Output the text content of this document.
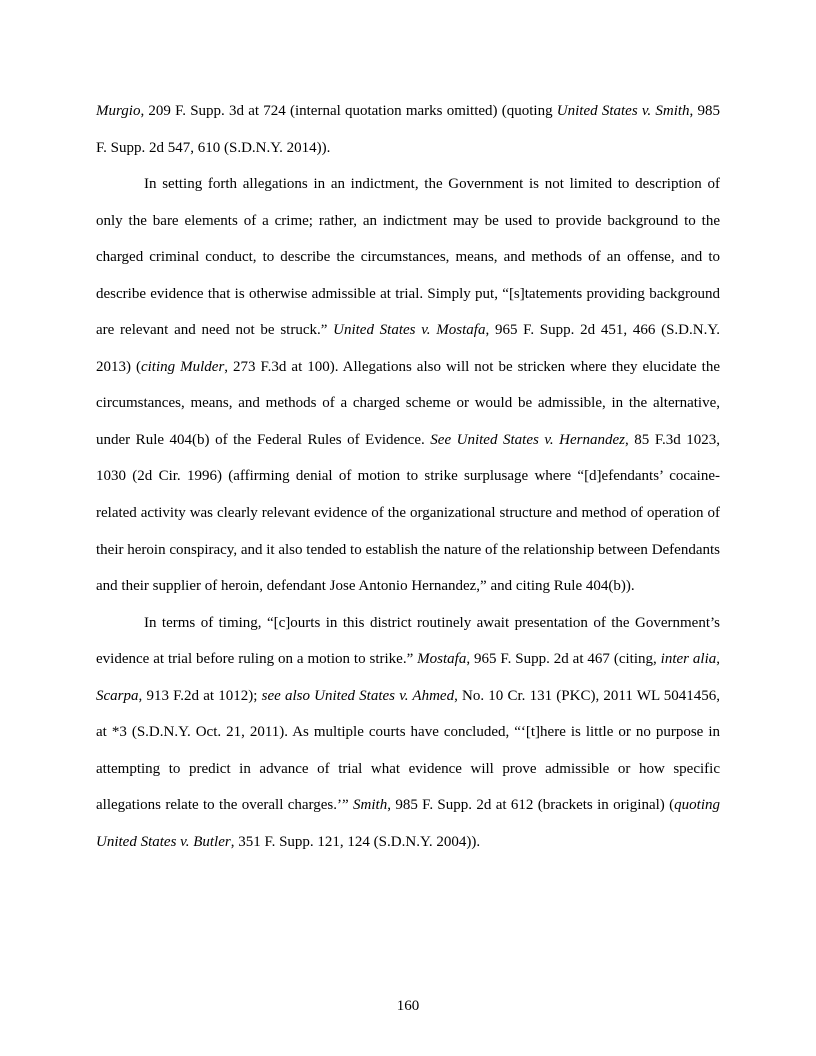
Murgio, 209 F. Supp. 3d at 724 (internal quotation marks omitted) (quoting United States v. Smith, 985 F. Supp. 2d 547, 610 (S.D.N.Y. 2014)).

In setting forth allegations in an indictment, the Government is not limited to description of only the bare elements of a crime; rather, an indictment may be used to provide background to the charged criminal conduct, to describe the circumstances, means, and methods of an offense, and to describe evidence that is otherwise admissible at trial. Simply put, “[s]tatements providing background are relevant and need not be struck.” United States v. Mostafa, 965 F. Supp. 2d 451, 466 (S.D.N.Y. 2013) (citing Mulder, 273 F.3d at 100). Allegations also will not be stricken where they elucidate the circumstances, means, and methods of a charged scheme or would be admissible, in the alternative, under Rule 404(b) of the Federal Rules of Evidence. See United States v. Hernandez, 85 F.3d 1023, 1030 (2d Cir. 1996) (affirming denial of motion to strike surplusage where “[d]efendants’ cocaine-related activity was clearly relevant evidence of the organizational structure and method of operation of their heroin conspiracy, and it also tended to establish the nature of the relationship between Defendants and their supplier of heroin, defendant Jose Antonio Hernandez,” and citing Rule 404(b)).

In terms of timing, “[c]ourts in this district routinely await presentation of the Government’s evidence at trial before ruling on a motion to strike.” Mostafa, 965 F. Supp. 2d at 467 (citing, inter alia, Scarpa, 913 F.2d at 1012); see also United States v. Ahmed, No. 10 Cr. 131 (PKC), 2011 WL 5041456, at *3 (S.D.N.Y. Oct. 21, 2011). As multiple courts have concluded, “‘[t]here is little or no purpose in attempting to predict in advance of trial what evidence will prove admissible or how specific allegations relate to the overall charges.’” Smith, 985 F. Supp. 2d at 612 (brackets in original) (quoting United States v. Butler, 351 F. Supp. 121, 124 (S.D.N.Y. 2004)).

160
